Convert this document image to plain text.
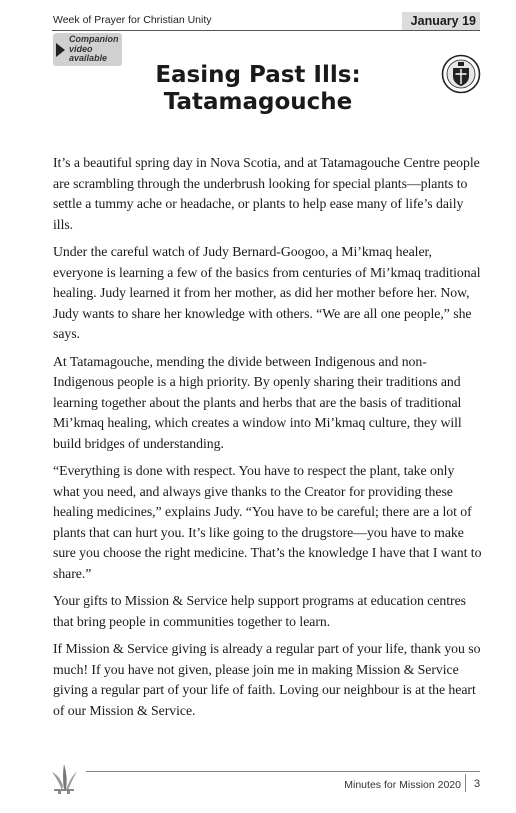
Week of Prayer for Christian Unity	January 19
Companion
video
available
Easing Past Ills:
Tatamagouche

It’s a beautiful spring day in Nova Scotia, and at Tatamagouche Centre people are scrambling through the underbrush looking for special plants—plants to settle a tummy ache or headache, or plants to help ease many of life’s daily ills.

Under the careful watch of Judy Bernard-Googoo, a Mi’kmaq healer, everyone is learning a few of the basics from centuries of Mi’kmaq traditional healing. Judy learned it from her mother, as did her mother before her. Now, Judy wants to share her knowledge with others. “We are all one people,” she says.

At Tatamagouche, mending the divide between Indigenous and non-Indigenous people is a high priority. By openly sharing their traditions and learning together about the plants and herbs that are the basis of traditional Mi’kmaq healing, which creates a window into Mi’kmaq culture, they will build bridges of understanding.

“Everything is done with respect. You have to respect the plant, take only what you need, and always give thanks to the Creator for providing these healing medicines,” explains Judy. “You have to be careful; there are a lot of plants that can hurt you. It’s like going to the drugstore—you have to make sure you choose the right medicine. That’s the knowledge I have that I want to share.”

Your gifts to Mission & Service help support programs at education centres that bring people in communities together to learn.

If Mission & Service giving is already a regular part of your life, thank you so much! If you have not given, please join me in making Mission & Service giving a regular part of your life of faith. Loving our neighbour is at the heart of our Mission & Service.

Minutes for Mission 2020 3
